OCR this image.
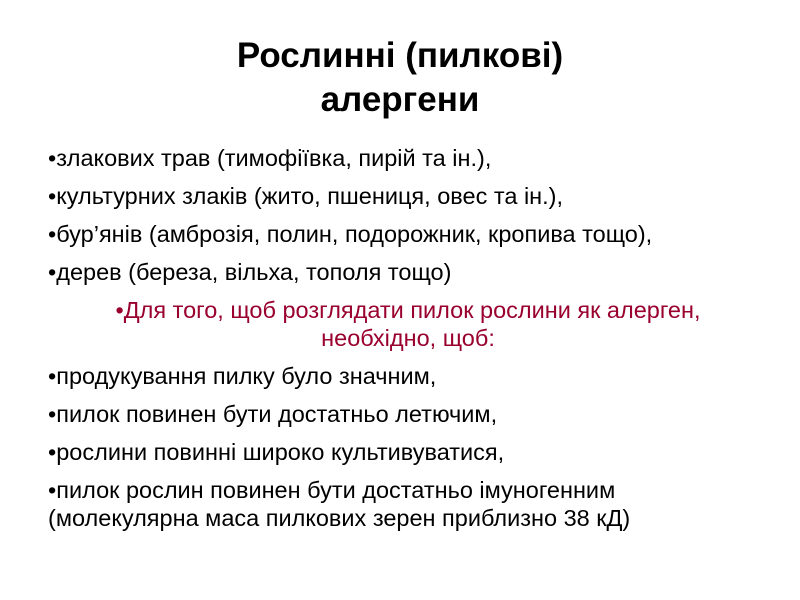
Рослинні (пилкові)
алергени
•злакових трав (тимофіївка, пирій та ін.),
•культурних злаків (жито, пшениця, овес та ін.),
•бур’янів (амброзія, полин, подорожник, кропива тощо),
•дерев (береза, вільха, тополя тощо)
•Для того, щоб розглядати пилок рослини як алерген,
необхідно, щоб:
•продукування пилку було значним,
•пилок повинен бути достатньо летючим,
•рослини повинні широко культивуватися,
•пилок рослин повинен бути достатньо імуногенним
(молекулярна маса пилкових зерен приблизно 38 кД)
